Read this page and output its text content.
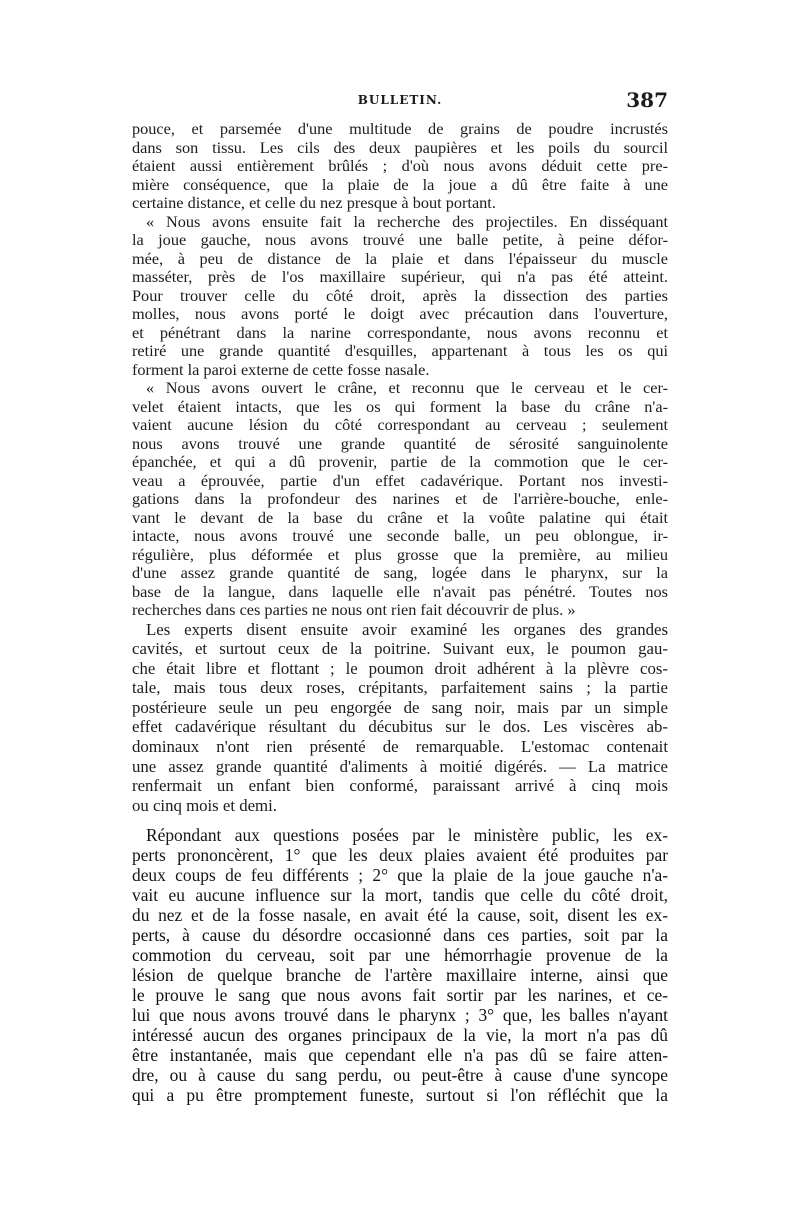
BULLETIN.	387
pouce, et parsemée d'une multitude de grains de poudre incrustés
dans son tissu. Les cils des deux paupières et les poils du sourcil
étaient aussi entièrement brûlés ; d'où nous avons déduit cette pre-
mière conséquence, que la plaie de la joue a dû être faite à une
certaine distance, et celle du nez presque à bout portant.
« Nous avons ensuite fait la recherche des projectiles. En disséquant
la joue gauche, nous avons trouvé une balle petite, à peine défor-
mée, à peu de distance de la plaie et dans l'épaisseur du muscle
masséter, près de l'os maxillaire supérieur, qui n'a pas été atteint.
Pour trouver celle du côté droit, après la dissection des parties
molles, nous avons porté le doigt avec précaution dans l'ouverture,
et pénétrant dans la narine correspondante, nous avons reconnu et
retiré une grande quantité d'esquilles, appartenant à tous les os qui
forment la paroi externe de cette fosse nasale.
« Nous avons ouvert le crâne, et reconnu que le cerveau et le cer-
velet étaient intacts, que les os qui forment la base du crâne n'a-
vaient aucune lésion du côté correspondant au cerveau ; seulement
nous avons trouvé une grande quantité de sérosité sanguinolente
épanchée, et qui a dû provenir, partie de la commotion que le cer-
veau a éprouvée, partie d'un effet cadavérique. Portant nos investi-
gations dans la profondeur des narines et de l'arrière-bouche, enle-
vant le devant de la base du crâne et la voûte palatine qui était
intacte, nous avons trouvé une seconde balle, un peu oblongue, ir-
régulière, plus déformée et plus grosse que la première, au milieu
d'une assez grande quantité de sang, logée dans le pharynx, sur la
base de la langue, dans laquelle elle n'avait pas pénétré. Toutes nos
recherches dans ces parties ne nous ont rien fait découvrir de plus. »
Les experts disent ensuite avoir examiné les organes des grandes
cavités, et surtout ceux de la poitrine. Suivant eux, le poumon gau-
che était libre et flottant ; le poumon droit adhérent à la plèvre cos-
tale, mais tous deux roses, crépitants, parfaitement sains ; la partie
postérieure seule un peu engorgée de sang noir, mais par un simple
effet cadavérique résultant du décubitus sur le dos. Les viscères ab-
dominaux n'ont rien présenté de remarquable. L'estomac contenait
une assez grande quantité d'aliments à moitié digérés. — La matrice
renfermait un enfant bien conformé, paraissant arrivé à cinq mois
ou cinq mois et demi.
Répondant aux questions posées par le ministère public, les ex-
perts prononcèrent, 1° que les deux plaies avaient été produites par
deux coups de feu différents ; 2° que la plaie de la joue gauche n'a-
vait eu aucune influence sur la mort, tandis que celle du côté droit,
du nez et de la fosse nasale, en avait été la cause, soit, disent les ex-
perts, à cause du désordre occasionné dans ces parties, soit par la
commotion du cerveau, soit par une hémorrhagie provenue de la
lésion de quelque branche de l'artère maxillaire interne, ainsi que
le prouve le sang que nous avons fait sortir par les narines, et ce-
lui que nous avons trouvé dans le pharynx ; 3° que, les balles n'ayant
intéressé aucun des organes principaux de la vie, la mort n'a pas dû
être instantanée, mais que cependant elle n'a pas dû se faire atten-
dre, ou à cause du sang perdu, ou peut-être à cause d'une syncope
qui a pu être promptement funeste, surtout si l'on réfléchit que la
